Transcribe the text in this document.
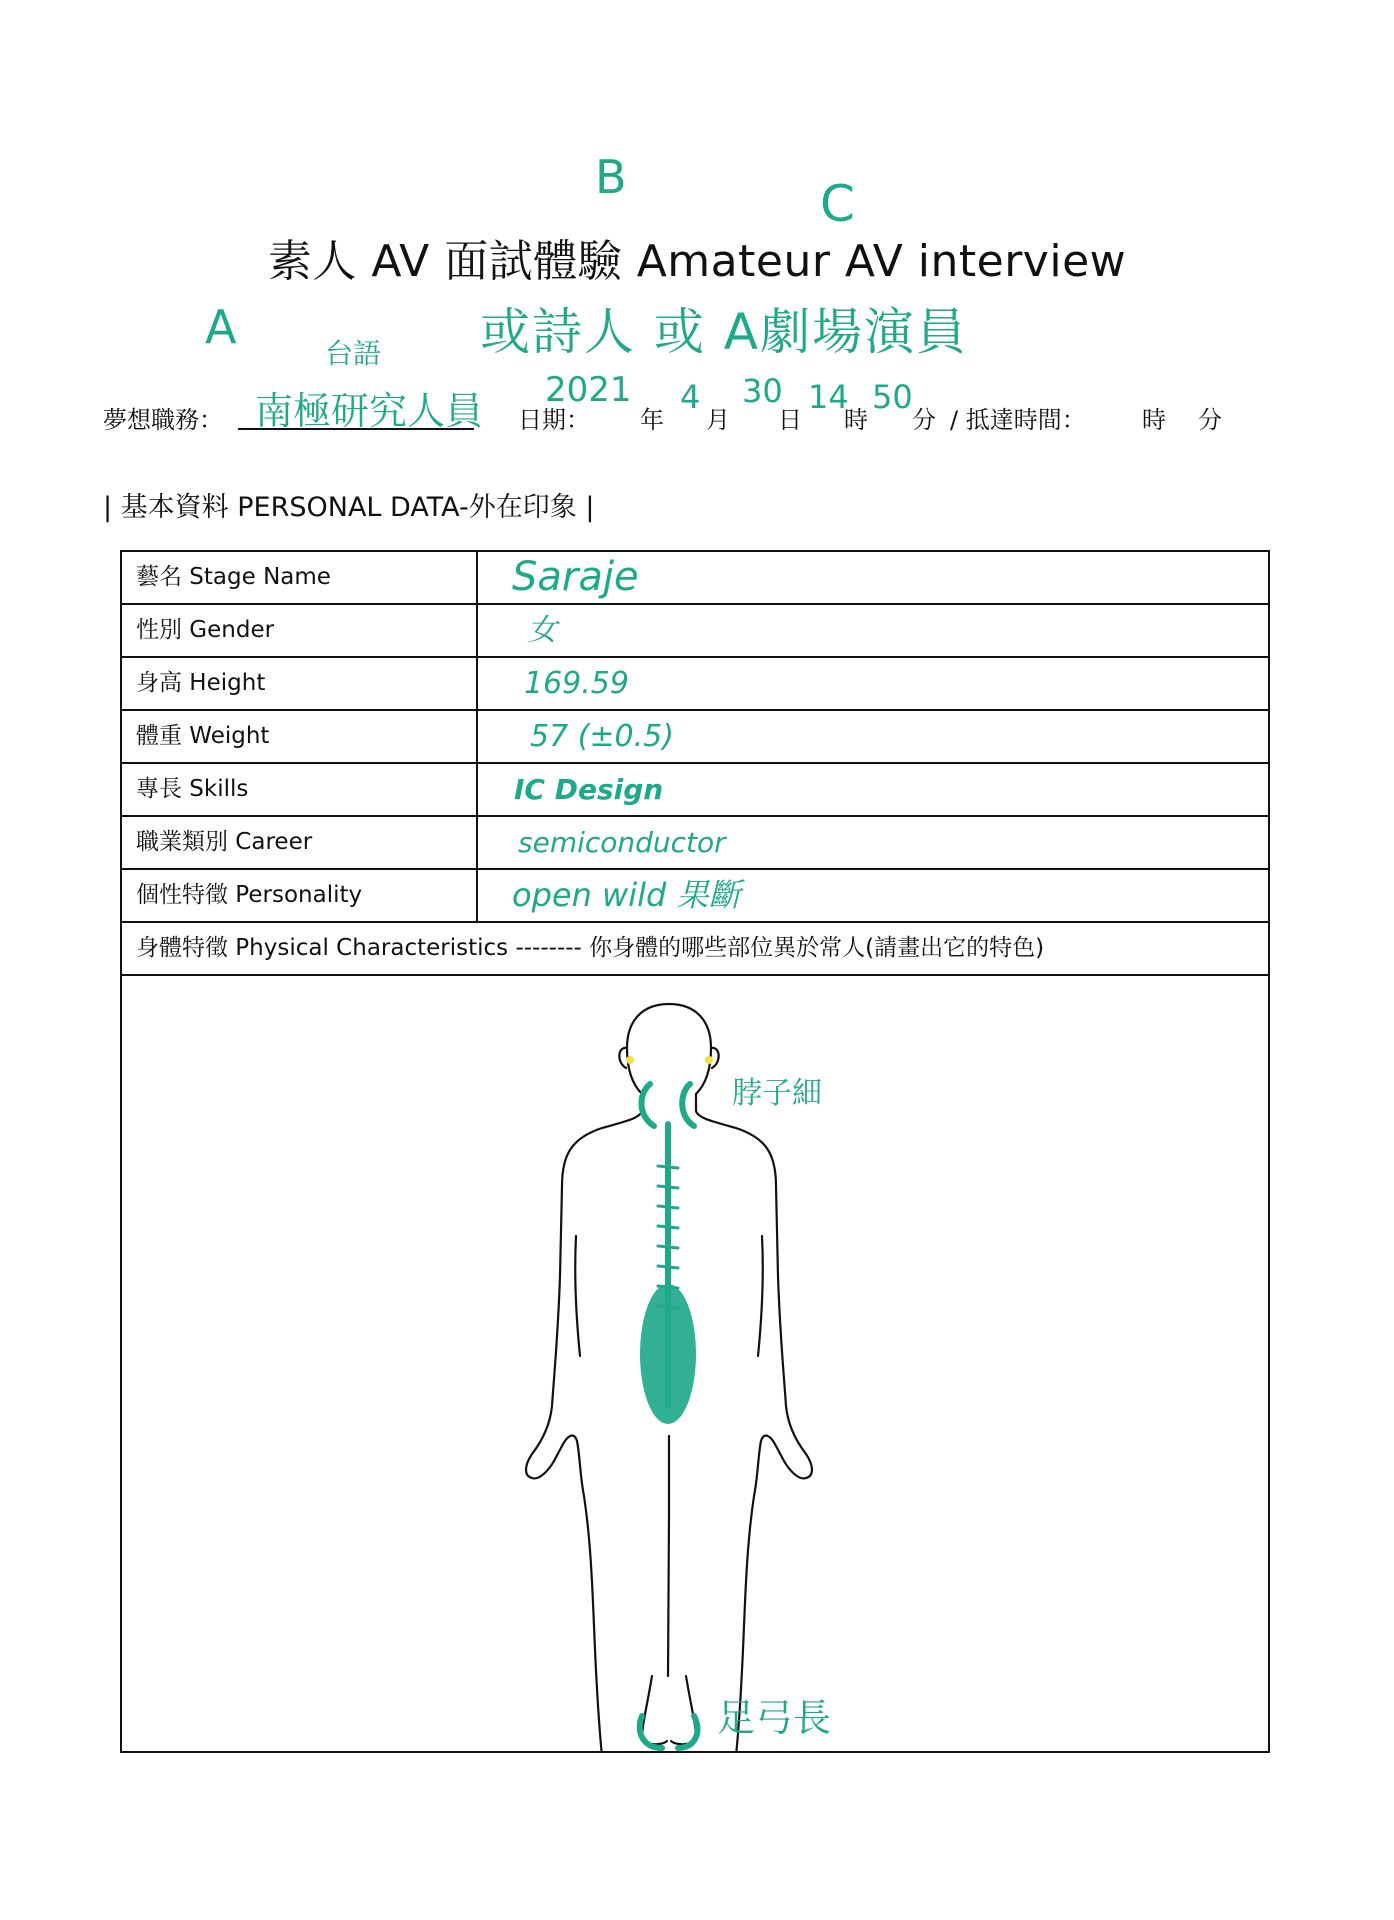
素人 AV 面試體驗 Amateur AV interview
B	C
A	台語 或詩人 或 A劇場演員
夢想職務： 南極研究人員 日期：
2021
年
4
月
30
日
14
時
50
分 / 抵達時間： 時 分
| 基本資料 PERSONAL DATA-外在印象 |
藝名 Stage Name	Saraje
性別 Gender	女
身高 Height	169.59
體重 Weight	57 (±0.5)
專長 Skills	IC Design
職業類別 Career	semiconductor
個性特徵 Personality	open wild 果斷
身體特徵 Physical Characteristics -------- 你身體的哪些部位異於常人(請畫出它的特色)
脖子細
足弓長
